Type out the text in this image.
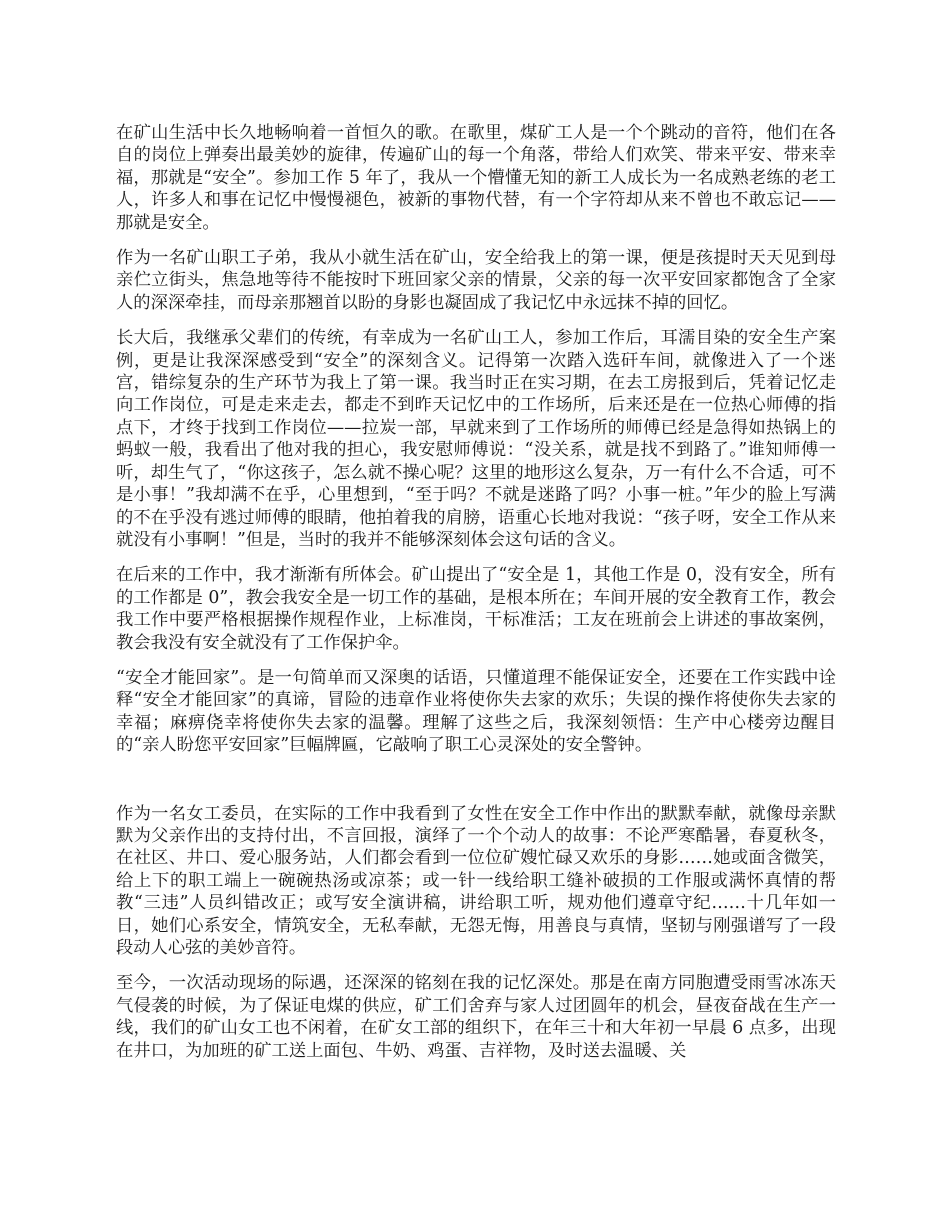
在矿山生活中长久地畅响着一首恒久的歌。在歌里，煤矿工人是一个个跳动的音符，他们在各自的岗位上弹奏出最美妙的旋律，传遍矿山的每一个角落，带给人们欢笑、带来平安、带来幸福，那就是“安全”。参加工作 5 年了，我从一个懵懂无知的新工人成长为一名成熟老练的老工人，许多人和事在记忆中慢慢褪色，被新的事物代替，有一个字符却从来不曾也不敢忘记——那就是安全。

作为一名矿山职工子弟，我从小就生活在矿山，安全给我上的第一课，便是孩提时天天见到母亲伫立街头，焦急地等待不能按时下班回家父亲的情景，父亲的每一次平安回家都饱含了全家人的深深牵挂，而母亲那翘首以盼的身影也凝固成了我记忆中永远抹不掉的回忆。

长大后，我继承父辈们的传统，有幸成为一名矿山工人，参加工作后，耳濡目染的安全生产案例，更是让我深深感受到“安全”的深刻含义。记得第一次踏入选矸车间，就像进入了一个迷宫，错综复杂的生产环节为我上了第一课。我当时正在实习期，在去工房报到后，凭着记忆走向工作岗位，可是走来走去，都走不到昨天记忆中的工作场所，后来还是在一位热心师傅的指点下，才终于找到工作岗位——拉炭一部，早就来到了工作场所的师傅已经是急得如热锅上的蚂蚁一般，我看出了他对我的担心，我安慰师傅说：“没关系，就是找不到路了。”谁知师傅一听，却生气了，“你这孩子，怎么就不操心呢？这里的地形这么复杂，万一有什么不合适，可不是小事！”我却满不在乎，心里想到，“至于吗？不就是迷路了吗？小事一桩。”年少的脸上写满的不在乎没有逃过师傅的眼睛，他拍着我的肩膀，语重心长地对我说：“孩子呀，安全工作从来就没有小事啊！”但是，当时的我并不能够深刻体会这句话的含义。

在后来的工作中，我才渐渐有所体会。矿山提出了“安全是 1，其他工作是 0，没有安全，所有的工作都是 0”，教会我安全是一切工作的基础，是根本所在；车间开展的安全教育工作，教会我工作中要严格根据操作规程作业，上标准岗，干标准活；工友在班前会上讲述的事故案例，教会我没有安全就没有了工作保护伞。

“安全才能回家”。是一句简单而又深奥的话语，只懂道理不能保证安全，还要在工作实践中诠释“安全才能回家”的真谛，冒险的违章作业将使你失去家的欢乐；失误的操作将使你失去家的幸福；麻痹侥幸将使你失去家的温馨。理解了这些之后，我深刻领悟：生产中心楼旁边醒目的“亲人盼您平安回家”巨幅牌匾，它敲响了职工心灵深处的安全警钟。

作为一名女工委员，在实际的工作中我看到了女性在安全工作中作出的默默奉献，就像母亲默默为父亲作出的支持付出，不言回报，演绎了一个个动人的故事：不论严寒酷暑，春夏秋冬，在社区、井口、爱心服务站，人们都会看到一位位矿嫂忙碌又欢乐的身影……她或面含微笑，给上下的职工端上一碗碗热汤或凉茶；或一针一线给职工缝补破损的工作服或满怀真情的帮教“三违”人员纠错改正；或写安全演讲稿，讲给职工听，规劝他们遵章守纪……十几年如一日，她们心系安全，情筑安全，无私奉献，无怨无悔，用善良与真情，坚韧与刚强谱写了一段段动人心弦的美妙音符。

至今，一次活动现场的际遇，还深深的铭刻在我的记忆深处。那是在南方同胞遭受雨雪冰冻天气侵袭的时候，为了保证电煤的供应，矿工们舍弃与家人过团圆年的机会，昼夜奋战在生产一线，我们的矿山女工也不闲着，在矿女工部的组织下，在年三十和大年初一早晨 6 点多，出现在井口，为加班的矿工送上面包、牛奶、鸡蛋、吉祥物，及时送去温暖、关
